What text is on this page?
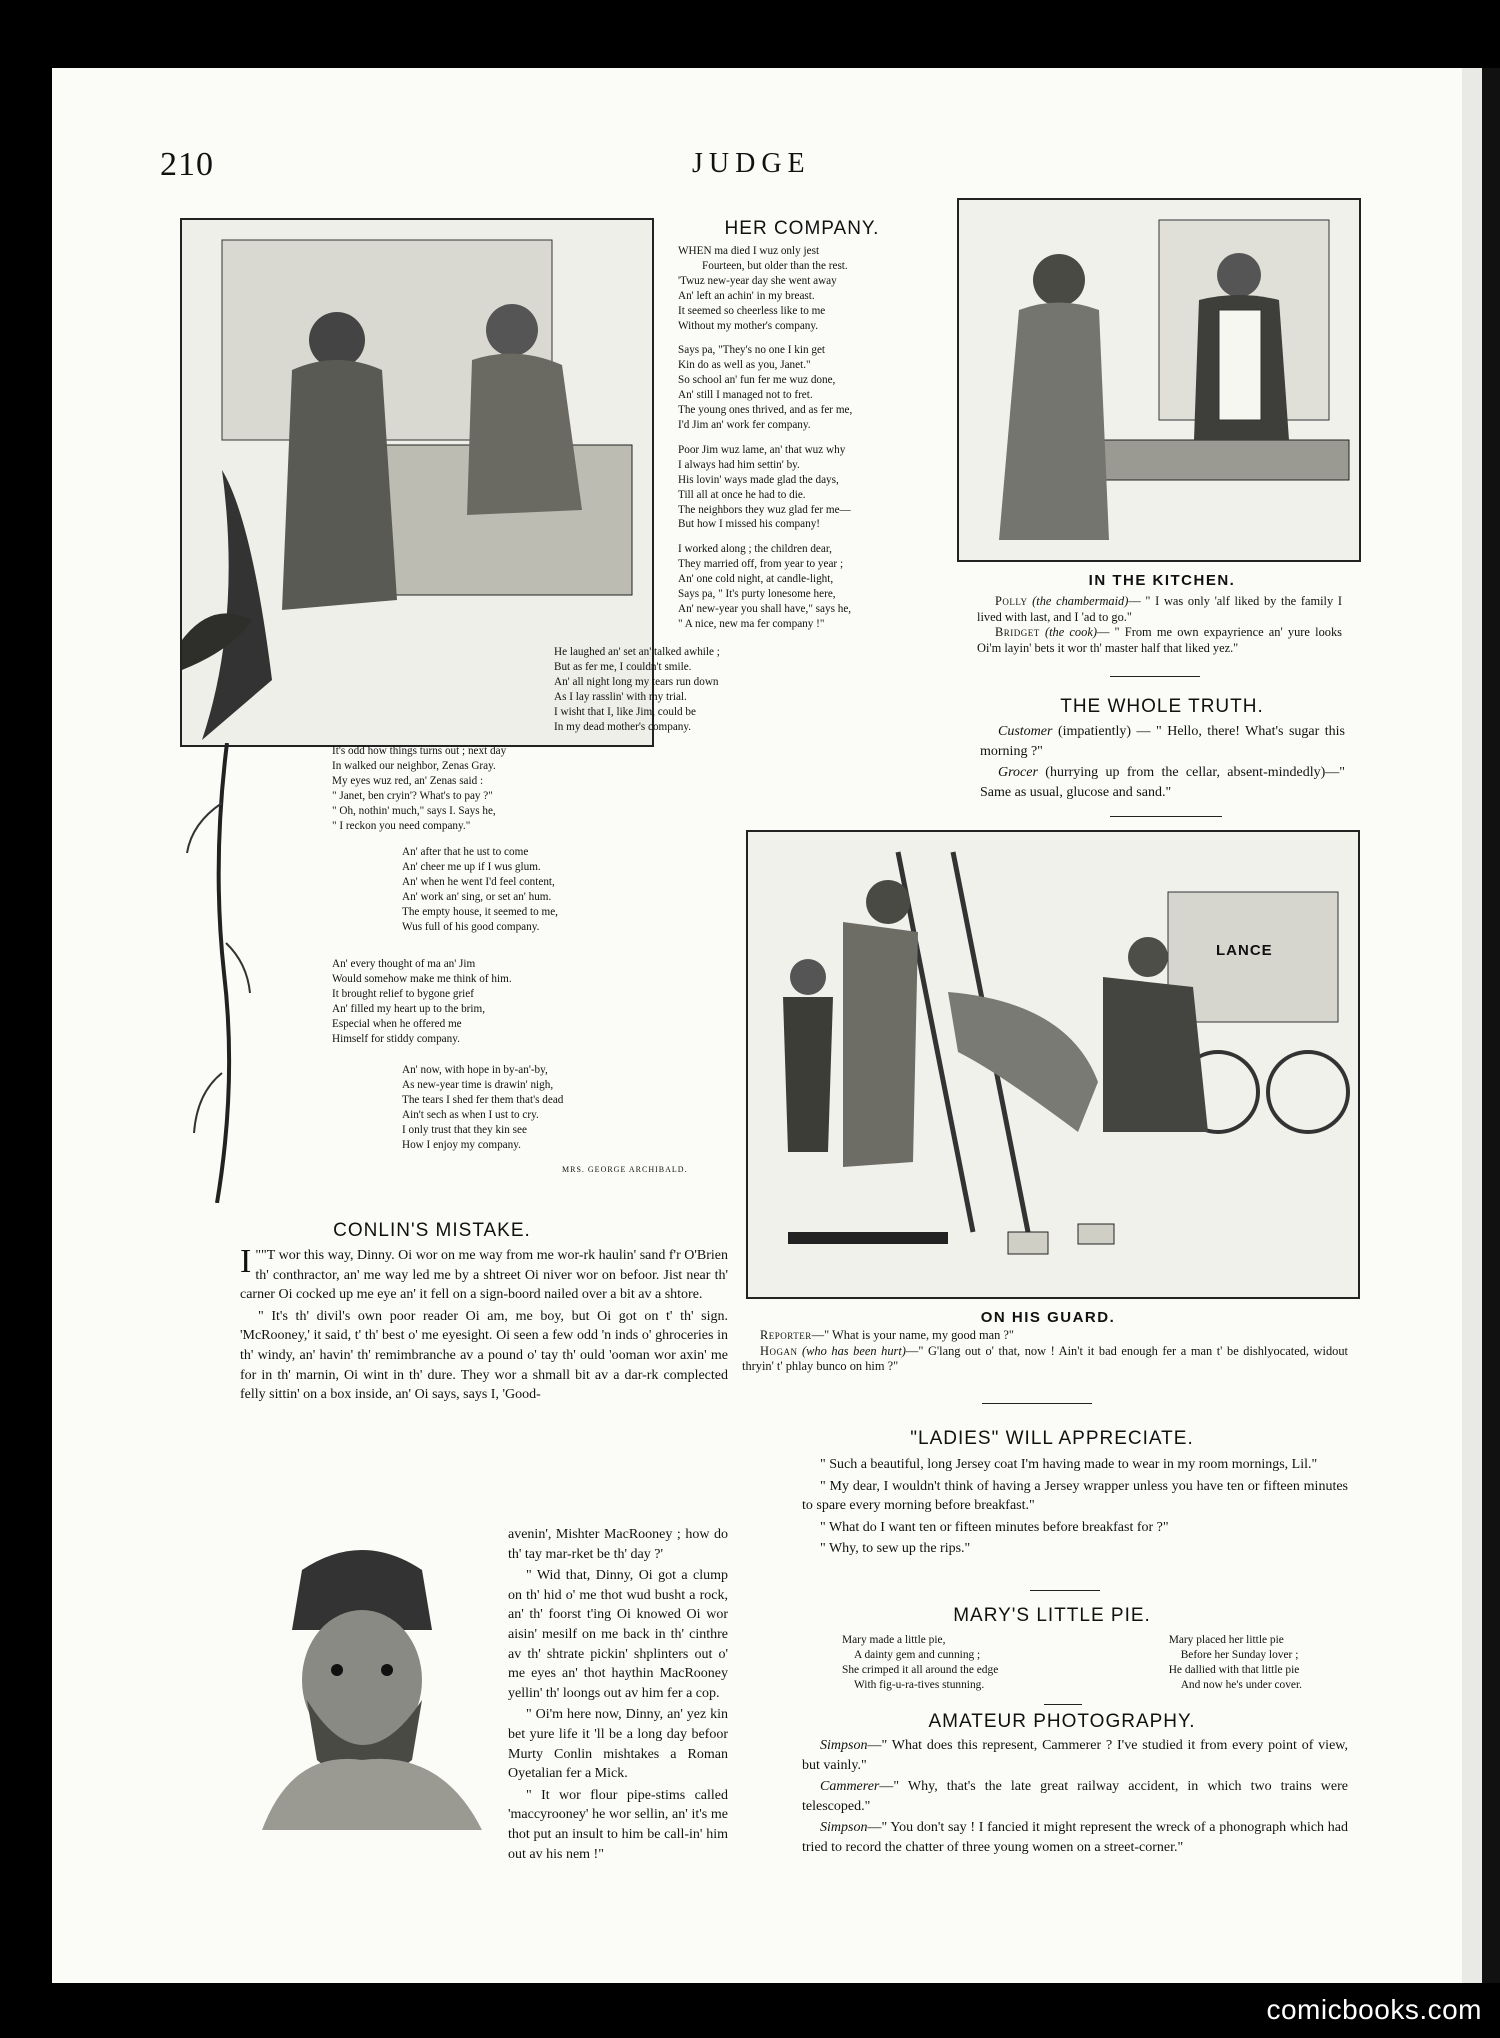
210	JUDGE
HER COMPANY.

WHEN ma died I wuz only jest

Fourteen, but older than the rest.

'Twuz new-year day she went away

An' left an achin' in my breast.

It seemed so cheerless like to me

Without my mother's company.

Says pa, "They's no one I kin get

Kin do as well as you, Janet."

So school an' fun fer me wuz done,

An' still I managed not to fret.

The young ones thrived, and as fer me,

I'd Jim an' work fer company.

Poor Jim wuz lame, an' that wuz why

I always had him settin' by.

His lovin' ways made glad the days,

Till all at once he had to die.

The neighbors they wuz glad fer me—

But how I missed his company!

I worked along ; the children dear,

They married off, from year to year ;

An' one cold night, at candle-light,

Says pa, " It's purty lonesome here,

An' new-year you shall have," says he,

" A nice, new ma fer company !"

He laughed an' set an' talked awhile ;

But as fer me, I couldn't smile.

An' all night long my tears run down

As I lay rasslin' with my trial.

I wisht that I, like Jim, could be

In my dead mother's company.

It's odd how things turns out ; next day

In walked our neighbor, Zenas Gray.

My eyes wuz red, an' Zenas said :

" Janet, ben cryin'? What's to pay ?"

" Oh, nothin' much," says I. Says he,

" I reckon you need company."

An' after that he ust to come

An' cheer me up if I wus glum.

An' when he went I'd feel content,

An' work an' sing, or set an' hum.

The empty house, it seemed to me,

Wus full of his good company.

An' every thought of ma an' Jim

Would somehow make me think of him.

It brought relief to bygone grief

An' filled my heart up to the brim,

Especial when he offered me

Himself for stiddy company.

An' now, with hope in by-an'-by,

As new-year time is drawin' nigh,

The tears I shed fer them that's dead

Ain't sech as when I ust to cry.

I only trust that they kin see

How I enjoy my company.

MRS. GEORGE ARCHIBALD.
IN THE KITCHEN.

Polly (the chambermaid)— " I was only 'alf liked by the family I lived with last, and I 'ad to go."

Bridget (the cook)— " From me own expayrience an' yure looks Oi'm layin' bets it wor th' master half that liked yez."

THE WHOLE TRUTH.

Customer (impatiently) — " Hello, there! What's sugar this morning ?"

Grocer (hurrying up from the cellar, absent-mindedly)—" Same as usual, glucose and sand."

LANCE
ON HIS GUARD.

Reporter—" What is your name, my good man ?"

Hogan (who has been hurt)—" G'lang out o' that, now ! Ain't it bad enough fer a man t' be dishlyocated, widout thryin' t' phlay bunco on him ?"

CONLIN'S MISTAKE.

""
I T wor this way, Dinny. Oi wor on me way from me wor-rk haulin' sand f'r O'Brien th' conthractor, an' me way led me by a shtreet Oi niver wor on befoor. Jist near th' carner Oi cocked up me eye an' it fell on a sign-boord nailed over a bit av a shtore.

" It's th' divil's own poor reader Oi am, me boy, but Oi got on t' th' sign. 'McRooney,' it said, t' th' best o' me eyesight. Oi seen a few odd 'n inds o' ghroceries in th' windy, an' havin' th' remimbranche av a pound o' tay th' ould 'ooman wor axin' me for in th' marnin, Oi wint in th' dure. They wor a shmall bit av a dar-rk complected felly sittin' on a box inside, an' Oi says, says I, 'Good-

avenin', Mishter MacRooney ; how do th' tay mar-rket be th' day ?'

" Wid that, Dinny, Oi got a clump on th' hid o' me thot wud busht a rock, an' th' foorst t'ing Oi knowed Oi wor aisin' mesilf on me back in th' cinthre av th' shtrate pickin' shplinters out o' me eyes an' thot haythin MacRooney yellin' th' loongs out av him fer a cop.

" Oi'm here now, Dinny, an' yez kin bet yure life it 'll be a long day befoor Murty Conlin mishtakes a Roman Oyetalian fer a Mick.

" It wor flour pipe-stims called 'maccyrooney' he wor sellin, an' it's me thot put an insult to him be call-in' him out av his nem !"

"LADIES" WILL APPRECIATE.

" Such a beautiful, long Jersey coat I'm having made to wear in my room mornings, Lil."

" My dear, I wouldn't think of having a Jersey wrapper unless you have ten or fifteen minutes to spare every morning before breakfast."

" What do I want ten or fifteen minutes before breakfast for ?"

" Why, to sew up the rips."

MARY'S LITTLE PIE.

Mary made a little pie,

A dainty gem and cunning ;

She crimped it all around the edge

With fig-u-ra-tives stunning.

Mary placed her little pie

Before her Sunday lover ;

He dallied with that little pie

And now he's under cover.

AMATEUR PHOTOGRAPHY.

Simpson—" What does this represent, Cammerer ? I've studied it from every point of view, but vainly."

Cammerer—" Why, that's the late great railway accident, in which two trains were telescoped."

Simpson—" You don't say ! I fancied it might represent the wreck of a phonograph which had tried to record the chatter of three young women on a street-corner."

comicbooks.com
